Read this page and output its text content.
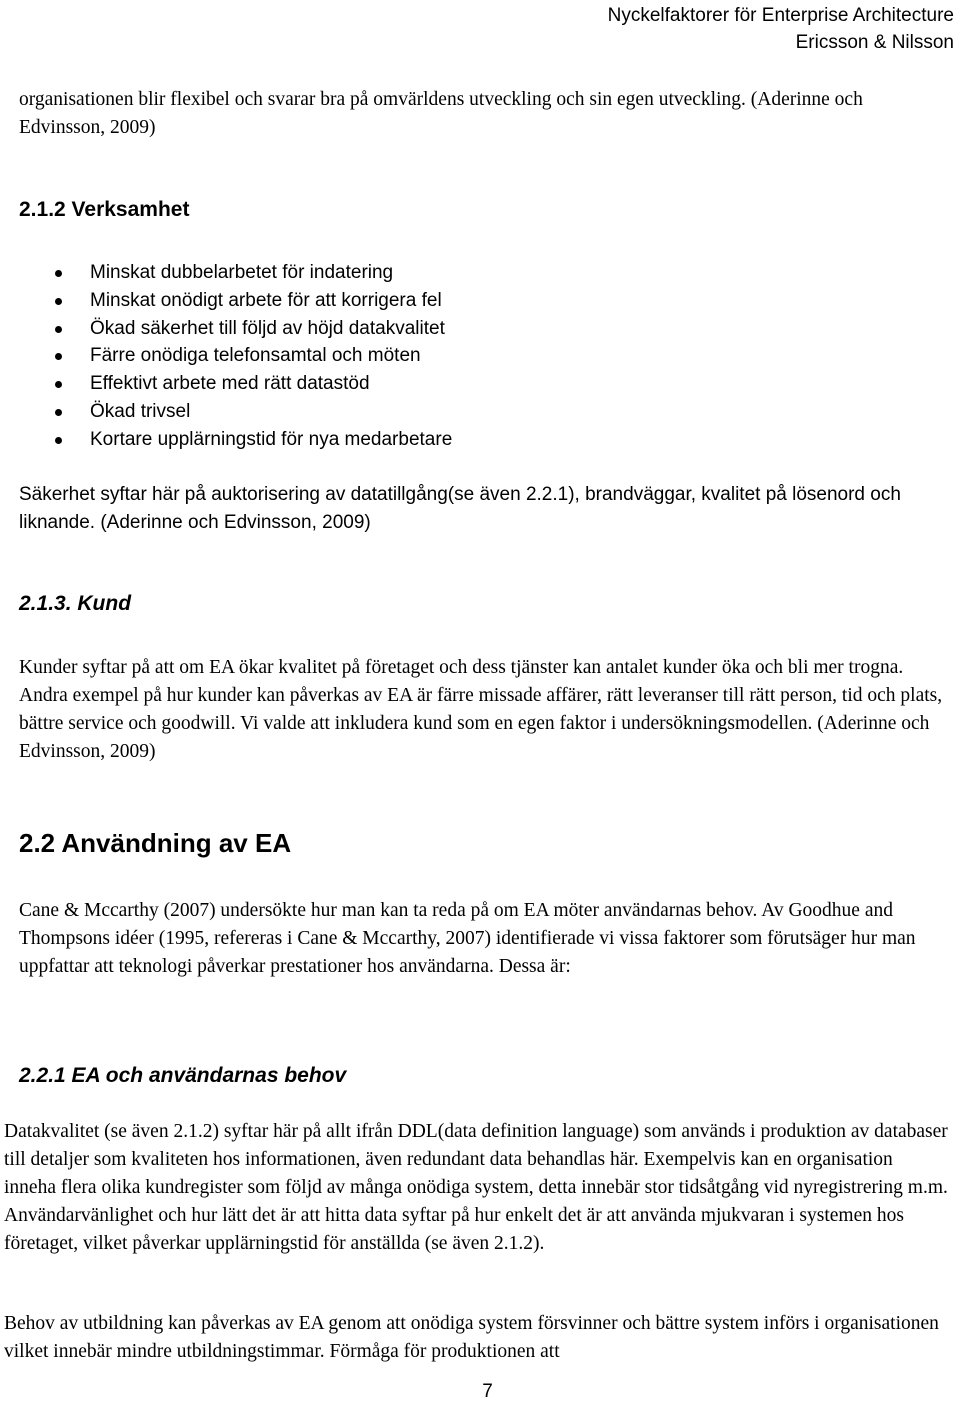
Nyckelfaktorer för Enterprise Architecture
Ericsson & Nilsson

organisationen blir flexibel och svarar bra på omvärldens utveckling och sin egen utveckling. (Aderinne och Edvinsson, 2009)

2.1.2 Verksamhet
Minskat dubbelarbetet för indatering
Minskat onödigt arbete för att korrigera fel
Ökad säkerhet till följd av höjd datakvalitet
Färre onödiga telefonsamtal och möten
Effektivt arbete med rätt datastöd
Ökad trivsel
Kortare upplärningstid för nya medarbetare

Säkerhet syftar här på auktorisering av datatillgång(se även 2.2.1), brandväggar, kvalitet på lösenord och liknande. (Aderinne och Edvinsson, 2009)

2.1.3. Kund

Kunder syftar på att om EA ökar kvalitet på företaget och dess tjänster kan antalet kunder öka och bli mer trogna. Andra exempel på hur kunder kan påverkas av EA är färre missade affärer, rätt leveranser till rätt person, tid och plats, bättre service och goodwill. Vi valde att inkludera kund som en egen faktor i undersökningsmodellen. (Aderinne och Edvinsson, 2009)

2.2 Användning av EA

Cane & Mccarthy (2007) undersökte hur man kan ta reda på om EA möter användarnas behov. Av Goodhue and Thompsons idéer (1995, refereras i Cane & Mccarthy, 2007) identifierade vi vissa faktorer som förutsäger hur man uppfattar att teknologi påverkar prestationer hos användarna. Dessa är:

2.2.1 EA och användarnas behov

Datakvalitet (se även 2.1.2) syftar här på allt ifrån DDL(data definition language) som används i produktion av databaser till detaljer som kvaliteten hos informationen, även redundant data behandlas här. Exempelvis kan en organisation inneha flera olika kundregister som följd av många onödiga system, detta innebär stor tidsåtgång vid nyregistrering m.m. Användarvänlighet och hur lätt det är att hitta data syftar på hur enkelt det är att använda mjukvaran i systemen hos företaget, vilket påverkar upplärningstid för anställda (se även 2.1.2).

Behov av utbildning kan påverkas av EA genom att onödiga system försvinner och bättre system införs i organisationen vilket innebär mindre utbildningstimmar. Förmåga för produktionen att

7
